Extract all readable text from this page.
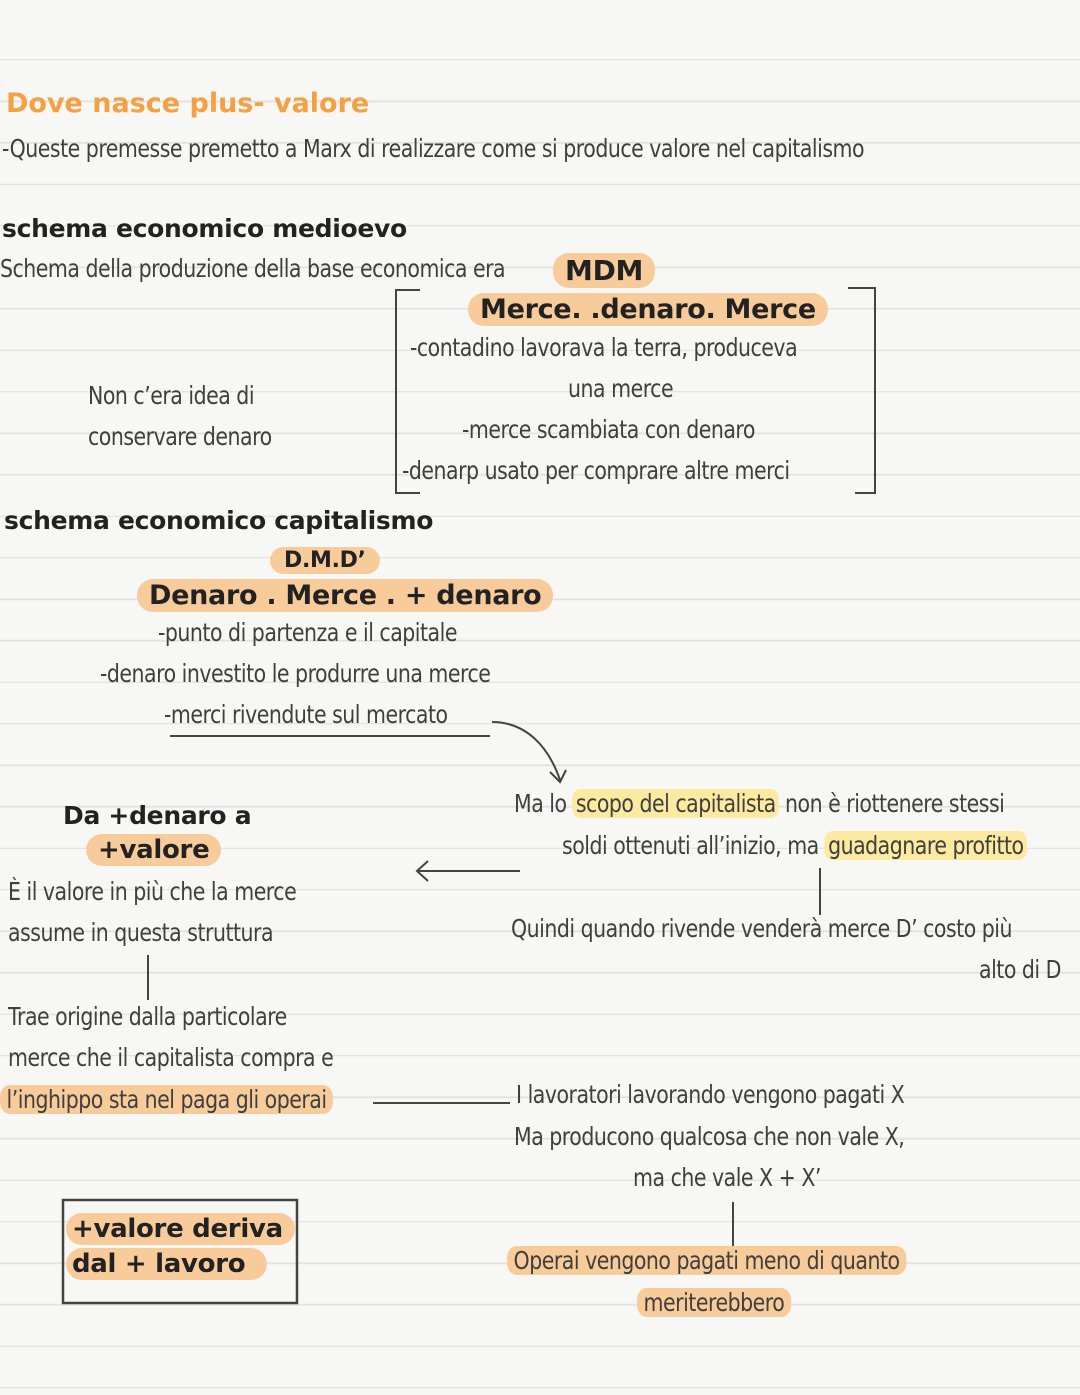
Dove nasce plus- valore
-Queste premesse premetto a Marx di realizzare come si produce valore nel capitalismo
schema economico medioevo
Schema della produzione della base economica era	MDM
Merce. .denaro. Merce
-contadino lavorava la terra, produceva
una merce
-merce scambiata con denaro
-denarp usato per comprare altre merci
Non c’era idea di
conservare denaro
schema economico capitalismo
D.M.D’
Denaro . Merce . + denaro
-punto di partenza e il capitale
-denaro investito le produrre una merce
-merci rivendute sul mercato
Ma lo scopo del capitalista non è riottenere stessi
soldi ottenuti all’inizio, ma guadagnare profitto
Quindi quando rivende venderà merce D’ costo più
alto di D
Da +denaro a
+valore
È il valore in più che la merce
assume in questa struttura
Trae origine dalla particolare
merce che il capitalista compra e
l’inghippo sta nel paga gli operai	I lavoratori lavorando vengono pagati X
Ma producono qualcosa che non vale X,
ma che vale X + X’
Operai vengono pagati meno di quanto
meriterebbero
+valore deriva
dal + lavoro
